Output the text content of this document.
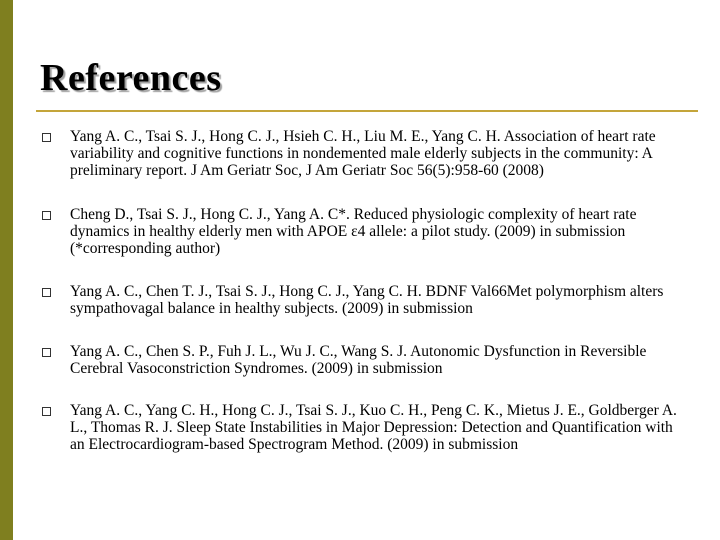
References
Yang A. C., Tsai S. J., Hong C. J., Hsieh C. H., Liu M. E., Yang C. H. Association of heart rate variability and cognitive functions in nondemented male elderly subjects in the community: A preliminary report. J Am Geriatr Soc, J Am Geriatr Soc 56(5):958-60 (2008)
Cheng D., Tsai S. J., Hong C. J., Yang A. C*. Reduced physiologic complexity of heart rate dynamics in healthy elderly men with APOE ε4 allele: a pilot study. (2009) in submission (*corresponding author)
Yang A. C., Chen T. J., Tsai S. J., Hong C. J., Yang C. H. BDNF Val66Met polymorphism alters sympathovagal balance in healthy subjects. (2009) in submission
Yang A. C., Chen S. P., Fuh J. L., Wu J. C., Wang S. J. Autonomic Dysfunction in Reversible Cerebral Vasoconstriction Syndromes. (2009) in submission
Yang A. C., Yang C. H., Hong C. J., Tsai S. J., Kuo C. H., Peng C. K., Mietus J. E., Goldberger A. L., Thomas R. J. Sleep State Instabilities in Major Depression: Detection and Quantification with an Electrocardiogram-based Spectrogram Method. (2009) in submission
